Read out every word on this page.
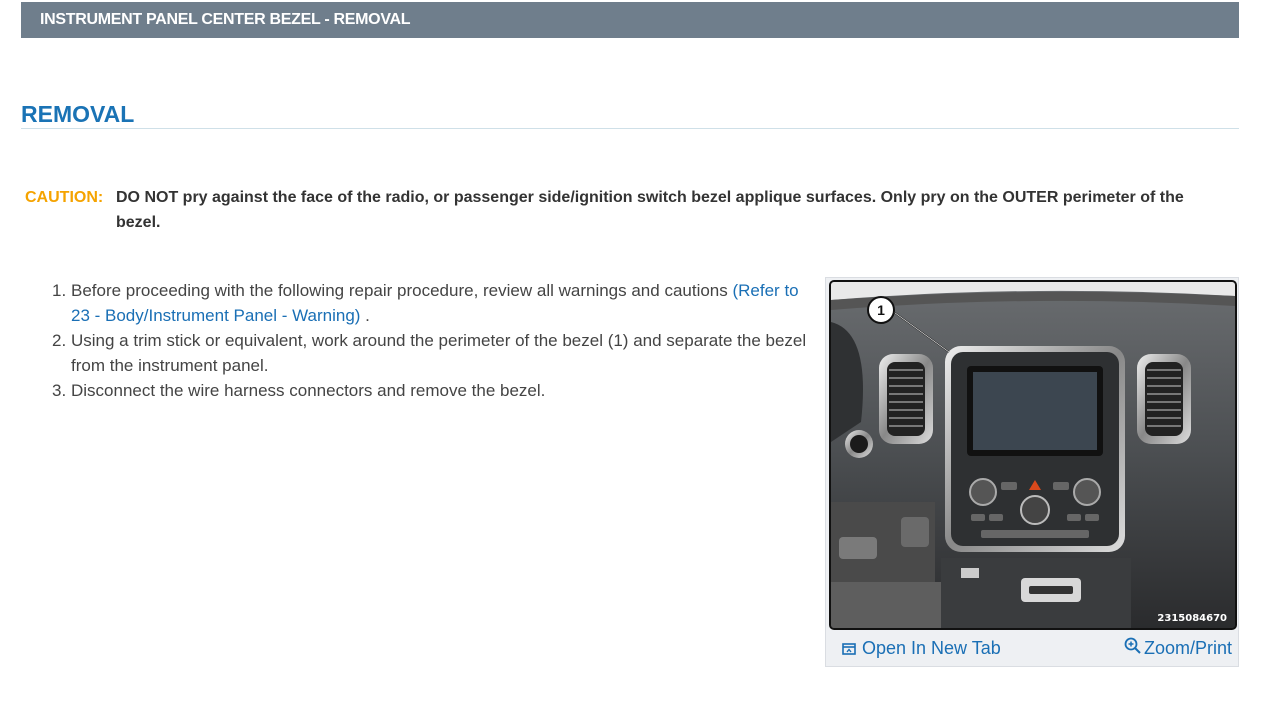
INSTRUMENT PANEL CENTER BEZEL - REMOVAL
REMOVAL
CAUTION: DO NOT pry against the face of the radio, or passenger side/ignition switch bezel applique surfaces. Only pry on the OUTER perimeter of the bezel.
1. Before proceeding with the following repair procedure, review all warnings and cautions (Refer to 23 - Body/Instrument Panel - Warning) .
2. Using a trim stick or equivalent, work around the perimeter of the bezel (1) and separate the bezel from the instrument panel.
3. Disconnect the wire harness connectors and remove the bezel.
1
2315084670
Open In New Tab	Zoom/Print
